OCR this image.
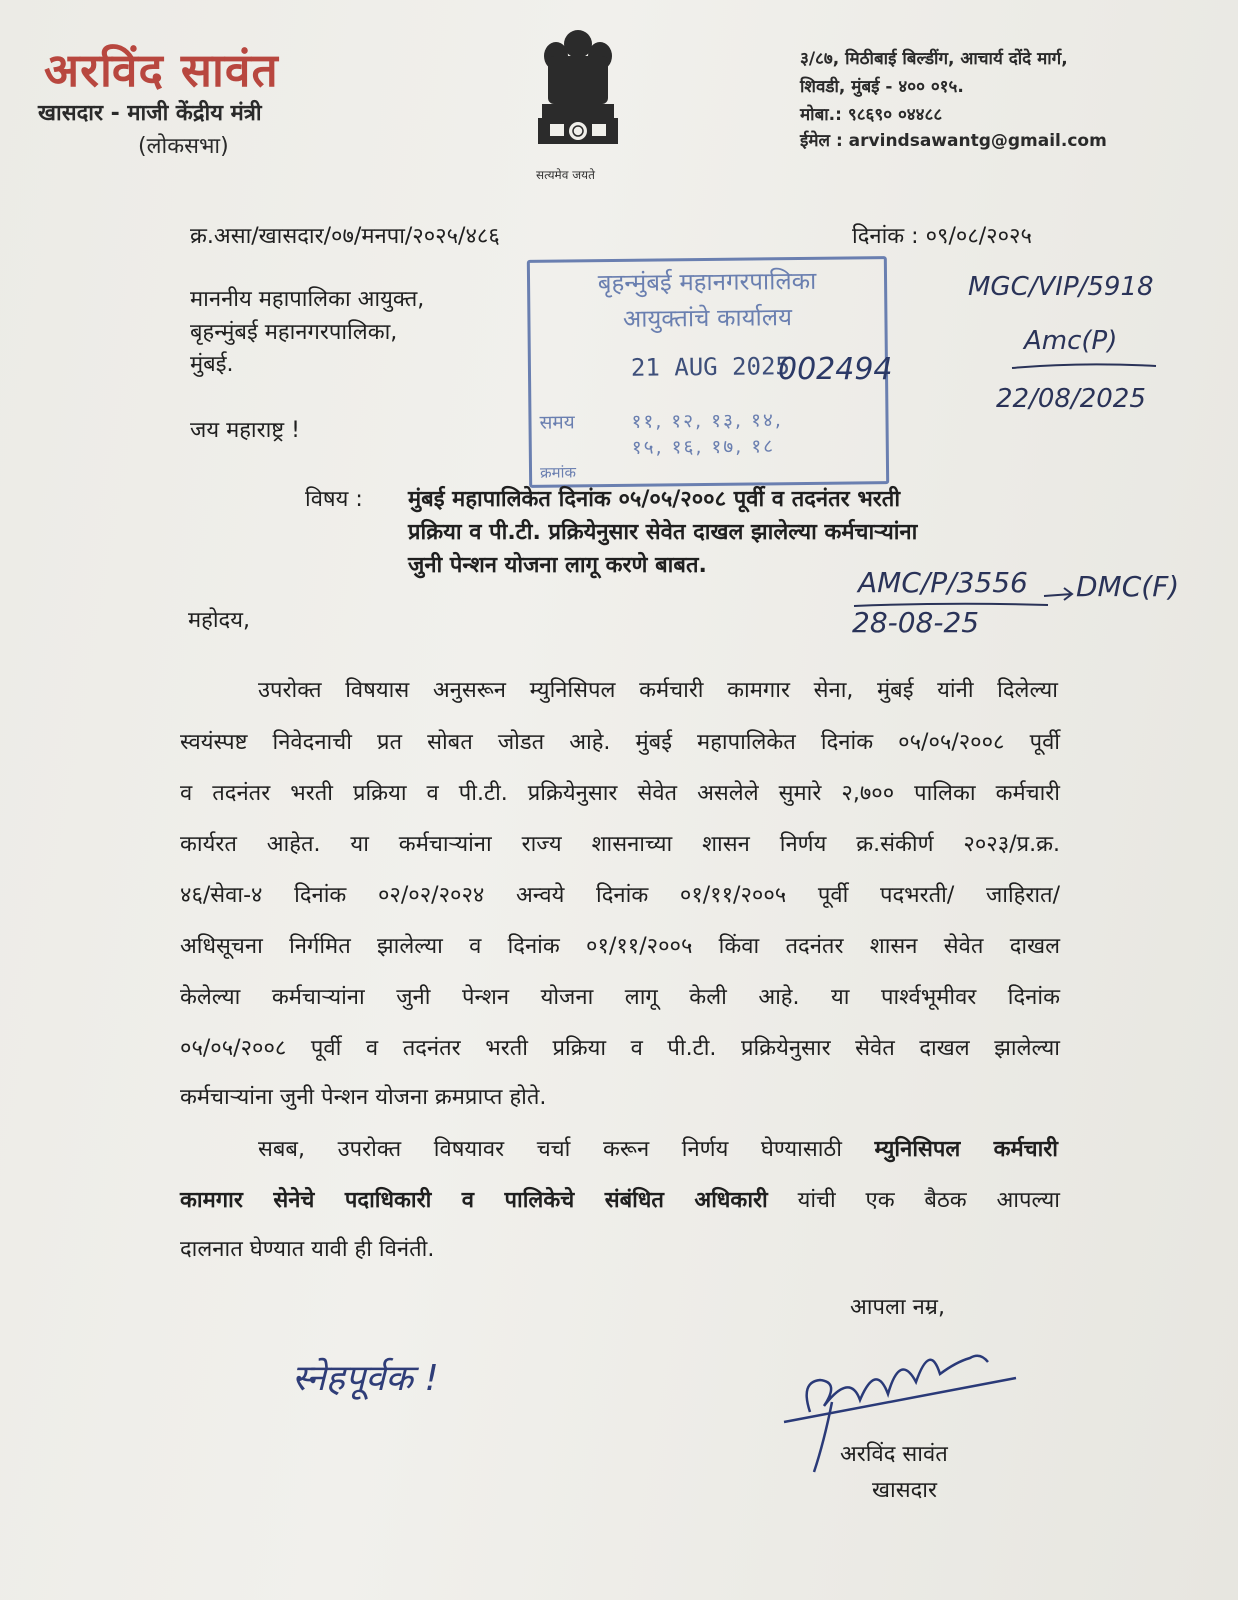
अरविंद सावंत
खासदार - माजी केंद्रीय मंत्री
(लोकसभा)
सत्यमेव जयते
३/८७, मिठीबाई बिल्डींग, आचार्य दोंदे मार्ग,
शिवडी, मुंबई - ४०० ०१५.
मोबा.: ९८६९० ०४४८८
ईमेल : arvindsawantg@gmail.com
क्र.असा/खासदार/०७/मनपा/२०२५/४८६	दिनांक : ०९/०८/२०२५
माननीय महापालिका आयुक्त,
बृहन्मुंबई महानगरपालिका,
मुंबई.
जय महाराष्ट्र !
बृहन्मुंबई महानगरपालिका
आयुक्तांचे कार्यालय
21 AUG 2025
समय	११, १२, १३, १४,
१५, १६, १७, १८
क्रमांक
002494
MGC/VIP/5918
Amc(P)
22/08/2025
AMC/P/3556 DMC(F)
28-08-25
विषय : मुंबई महापालिकेत दिनांक ०५/०५/२००८ पूर्वी व तदनंतर भरती
प्रक्रिया व पी.टी. प्रक्रियेनुसार सेवेत दाखल झालेल्या कर्मचाऱ्यांना
जुनी पेन्शन योजना लागू करणे बाबत.
महोदय,
उपरोक्त विषयास अनुसरून म्युनिसिपल कर्मचारी कामगार सेना, मुंबई यांनी दिलेल्या
स्वयंस्पष्ट निवेदनाची प्रत सोबत जोडत आहे. मुंबई महापालिकेत दिनांक ०५/०५/२००८ पूर्वी
व तदनंतर भरती प्रक्रिया व पी.टी. प्रक्रियेनुसार सेवेत असलेले सुमारे २,७०० पालिका कर्मचारी
कार्यरत आहेत. या कर्मचाऱ्यांना राज्य शासनाच्या शासन निर्णय क्र.संकीर्ण २०२३/प्र.क्र.
४६/सेवा-४ दिनांक ०२/०२/२०२४ अन्वये दिनांक ०१/११/२००५ पूर्वी पदभरती/ जाहिरात/
अधिसूचना निर्गमित झालेल्या व दिनांक ०१/११/२००५ किंवा तदनंतर शासन सेवेत दाखल
केलेल्या कर्मचाऱ्यांना जुनी पेन्शन योजना लागू केली आहे. या पार्श्वभूमीवर दिनांक
०५/०५/२००८ पूर्वी व तदनंतर भरती प्रक्रिया व पी.टी. प्रक्रियेनुसार सेवेत दाखल झालेल्या
कर्मचाऱ्यांना जुनी पेन्शन योजना क्रमप्राप्त होते.
सबब, उपरोक्त विषयावर चर्चा करून निर्णय घेण्यासाठी म्युनिसिपल कर्मचारी
कामगार सेनेचे पदाधिकारी व पालिकेचे संबंधित अधिकारी यांची एक बैठक आपल्या
दालनात घेण्यात यावी ही विनंती.
आपला नम्र,
स्नेहपूर्वक !
अरविंद सावंत
खासदार
